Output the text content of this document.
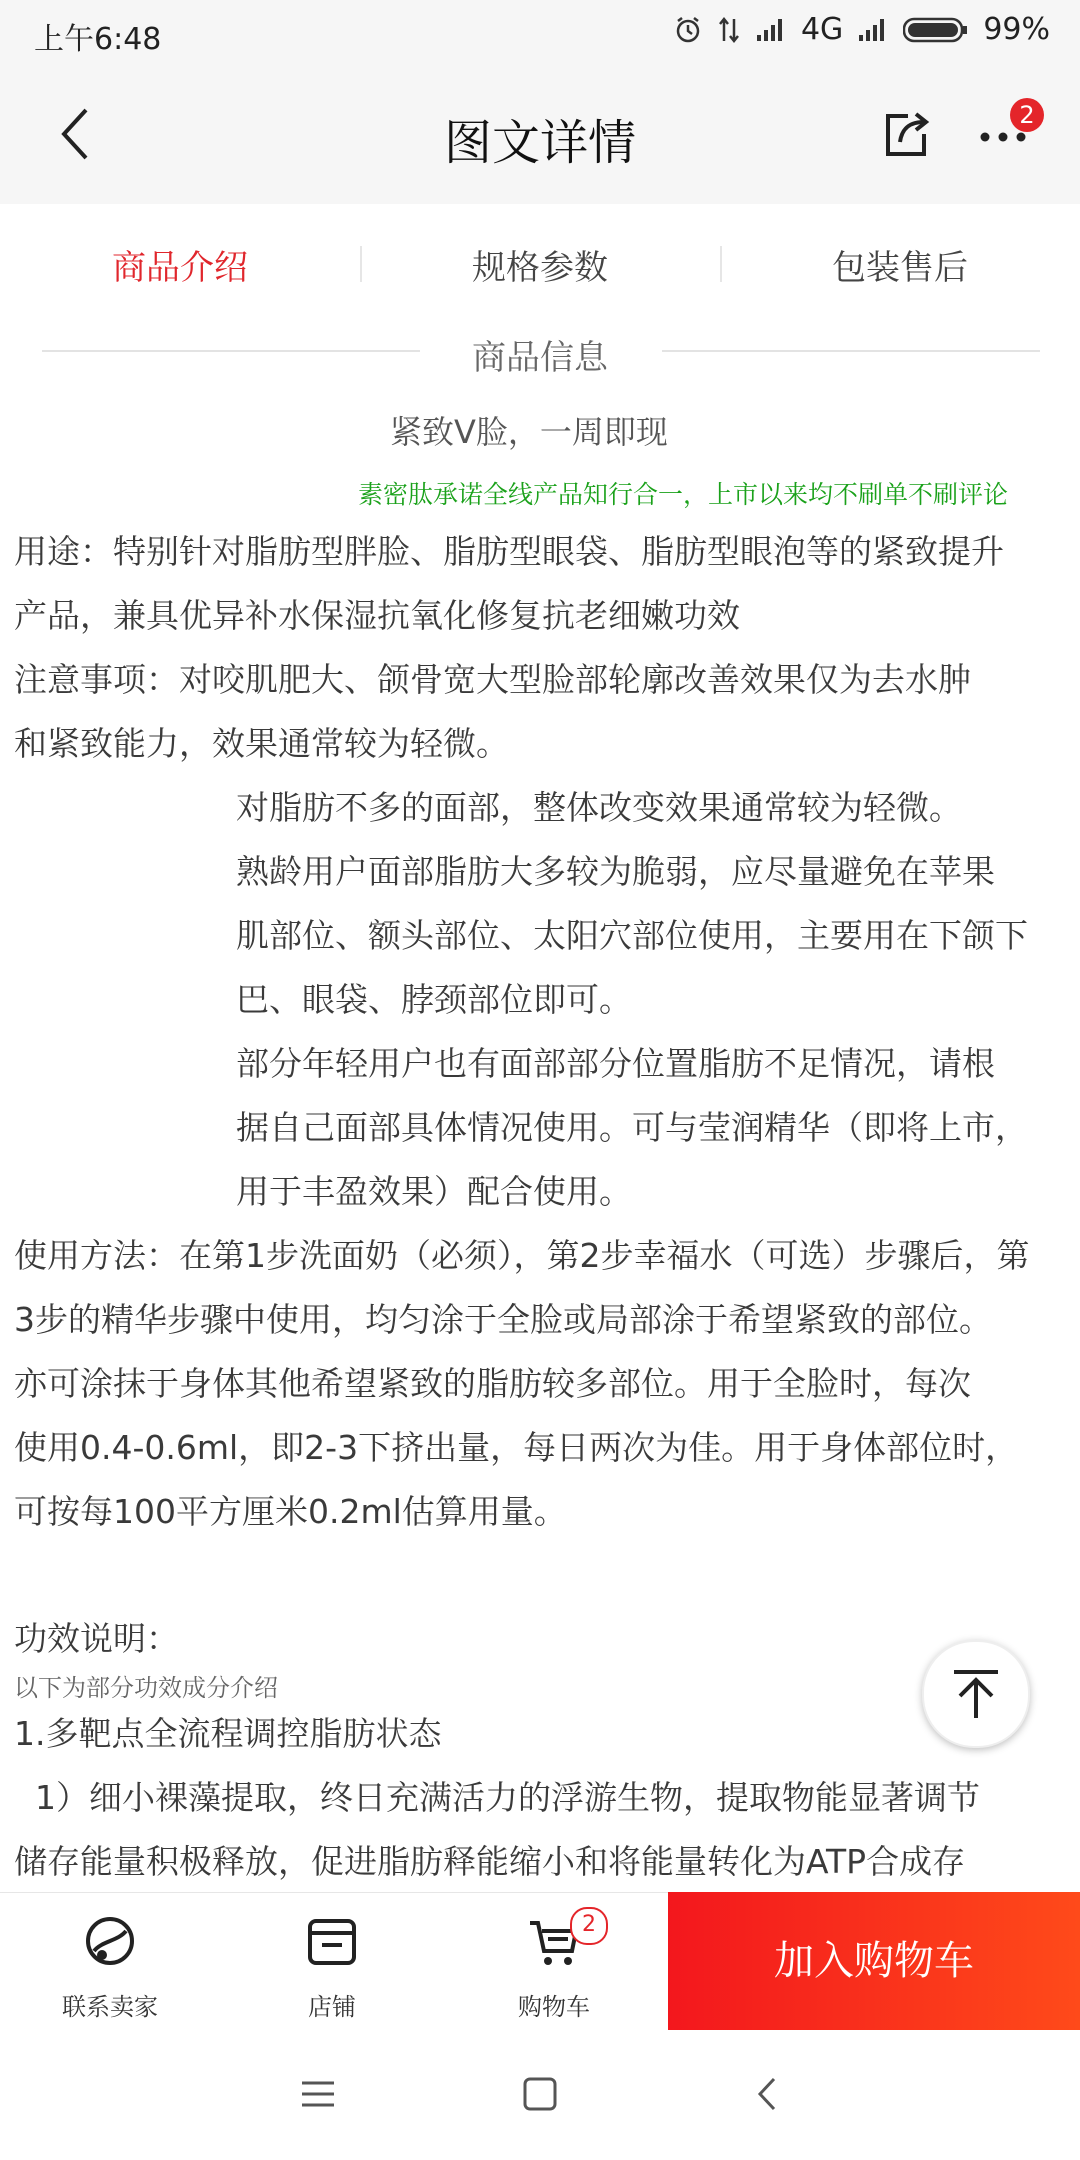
上午6:48	4G	99%
图文详情	2
商品介绍	规格参数	包装售后
商品信息
紧致V脸，一周即现
素密肽承诺全线产品知行合一，上市以来均不刷单不刷评论
用途：特别针对脂肪型胖脸、脂肪型眼袋、脂肪型眼泡等的紧致提升
产品，兼具优异补水保湿抗氧化修复抗老细嫩功效
注意事项：对咬肌肥大、颌骨宽大型脸部轮廓改善效果仅为去水肿
和紧致能力，效果通常较为轻微。
对脂肪不多的面部，整体改变效果通常较为轻微。
熟龄用户面部脂肪大多较为脆弱，应尽量避免在苹果
肌部位、额头部位、太阳穴部位使用，主要用在下颌下
巴、眼袋、脖颈部位即可。
部分年轻用户也有面部部分位置脂肪不足情况，请根
据自己面部具体情况使用。可与莹润精华（即将上市，
用于丰盈效果）配合使用。
使用方法：在第1步洗面奶（必须），第2步幸福水（可选）步骤后，第
3步的精华步骤中使用，均匀涂于全脸或局部涂于希望紧致的部位。
亦可涂抹于身体其他希望紧致的脂肪较多部位。用于全脸时，每次
使用0.4-0.6ml，即2-3下挤出量，每日两次为佳。用于身体部位时，
可按每100平方厘米0.2ml估算用量。
功效说明：
以下为部分功效成分介绍
1.多靶点全流程调控脂肪状态
1）细小裸藻提取，终日充满活力的浮游生物，提取物能显著调节
储存能量积极释放，促进脂肪释能缩小和将能量转化为ATP合成存
联系卖家	店铺
2
购物车
加入购物车
